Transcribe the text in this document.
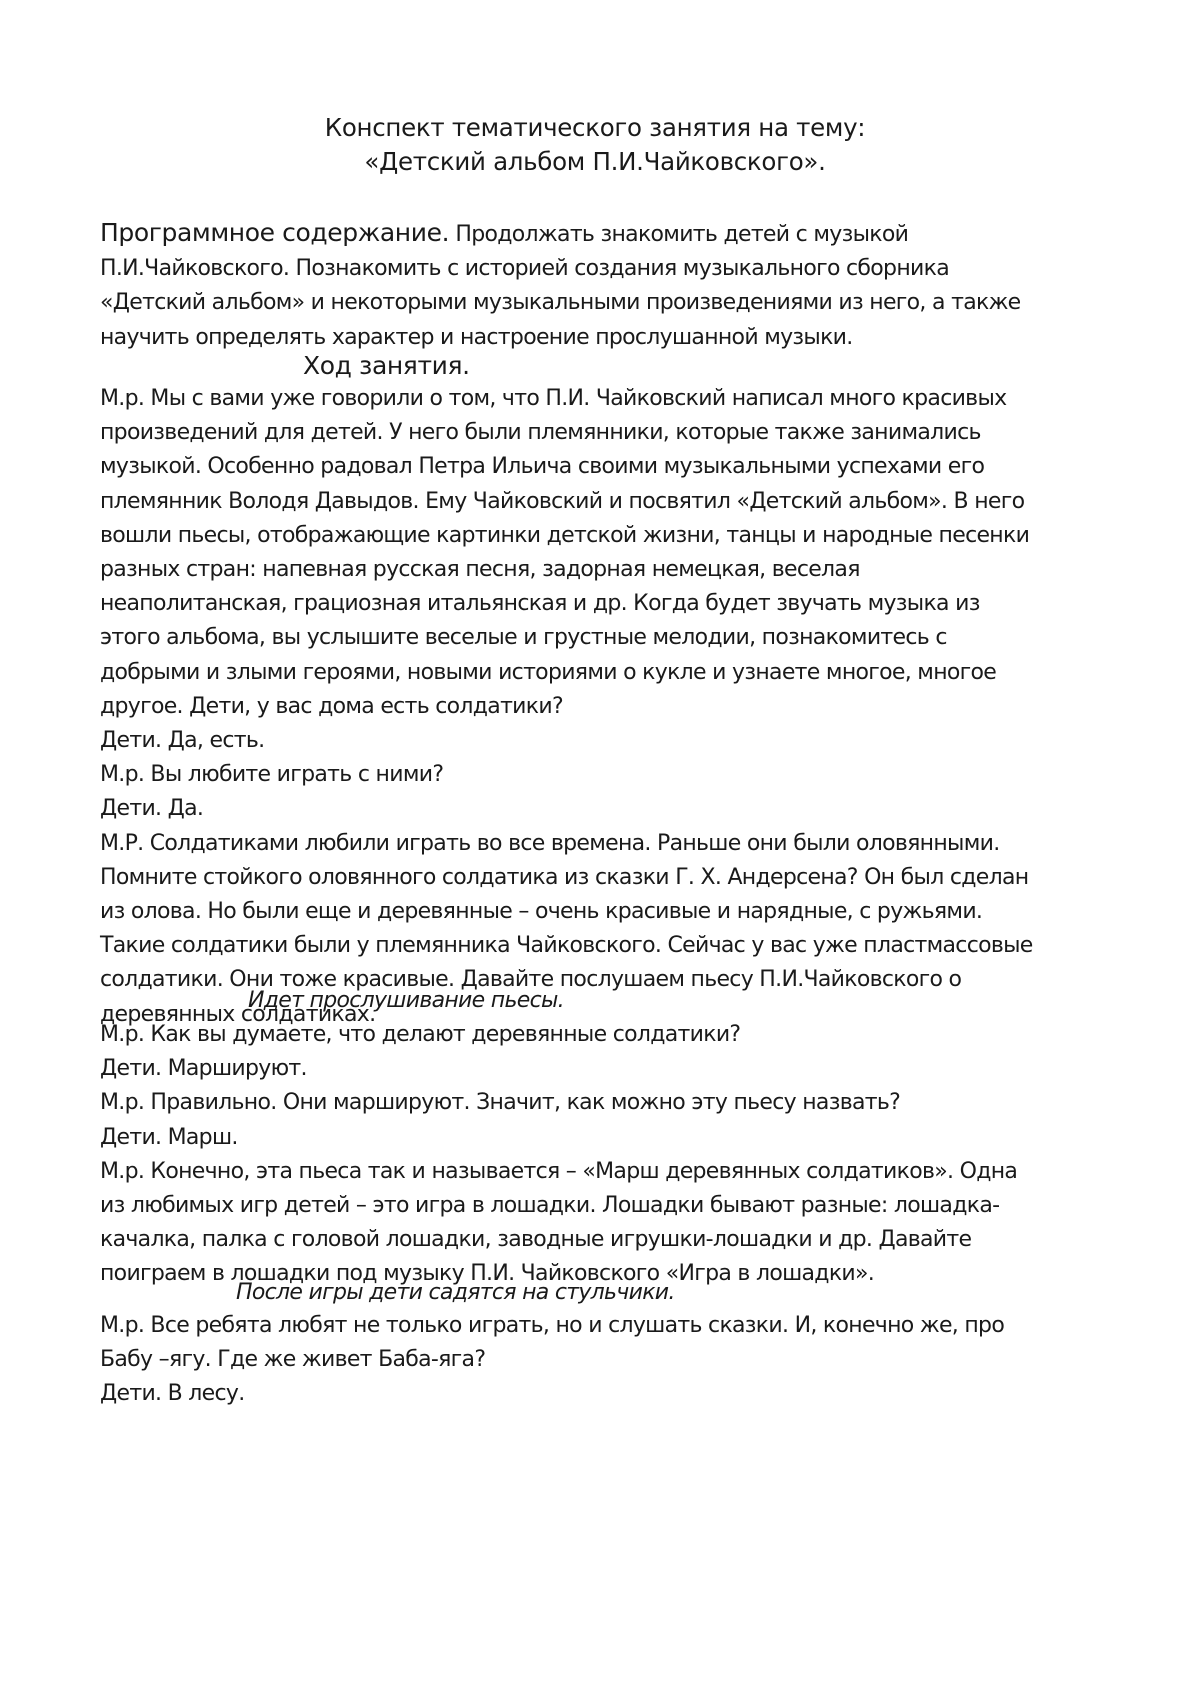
Конспект тематического занятия на тему:
«Детский альбом П.И.Чайковского».

Программное содержание. Продолжать знакомить детей с музыкой

П.И.Чайковского. Познакомить с историей создания музыкального сборника

«Детский альбом» и некоторыми музыкальными произведениями из него, а также

научить определять характер и настроение прослушанной музыки.

Ход занятия.

М.р. Мы с вами уже говорили о том, что П.И. Чайковский написал много красивых

произведений для детей. У него были племянники, которые также занимались

музыкой. Особенно радовал Петра Ильича своими музыкальными успехами его

племянник Володя Давыдов. Ему Чайковский и посвятил «Детский альбом». В него

вошли пьесы, отображающие картинки детской жизни, танцы и народные песенки

разных стран: напевная русская песня, задорная немецкая, веселая

неаполитанская, грациозная итальянская и др. Когда будет звучать музыка из

этого альбома, вы услышите веселые и грустные мелодии, познакомитесь с

добрыми и злыми героями, новыми историями о кукле и узнаете многое, многое

другое. Дети, у вас дома есть солдатики?

Дети. Да, есть.

М.р. Вы любите играть с ними?

Дети. Да.

М.Р. Солдатиками любили играть во все времена. Раньше они были оловянными.

Помните стойкого оловянного солдатика из сказки Г. Х. Андерсена? Он был сделан

из олова. Но были еще и деревянные – очень красивые и нарядные, с ружьями.

Такие солдатики были у племянника Чайковского. Сейчас у вас уже пластмассовые

солдатики. Они тоже красивые. Давайте послушаем пьесу П.И.Чайковского о

деревянных солдатиках.

Идет прослушивание пьесы.

М.р. Как вы думаете, что делают деревянные солдатики?

Дети. Маршируют.

М.р. Правильно. Они маршируют. Значит, как можно эту пьесу назвать?

Дети. Марш.

М.р. Конечно, эта пьеса так и называется – «Марш деревянных солдатиков». Одна

из любимых игр детей – это игра в лошадки. Лошадки бывают разные: лошадка-

качалка, палка с головой лошадки, заводные игрушки-лошадки и др. Давайте

поиграем в лошадки под музыку П.И. Чайковского «Игра в лошадки».

После игры дети садятся на стульчики.

М.р. Все ребята любят не только играть, но и слушать сказки. И, конечно же, про

Бабу –ягу. Где же живет Баба-яга?

Дети. В лесу.
